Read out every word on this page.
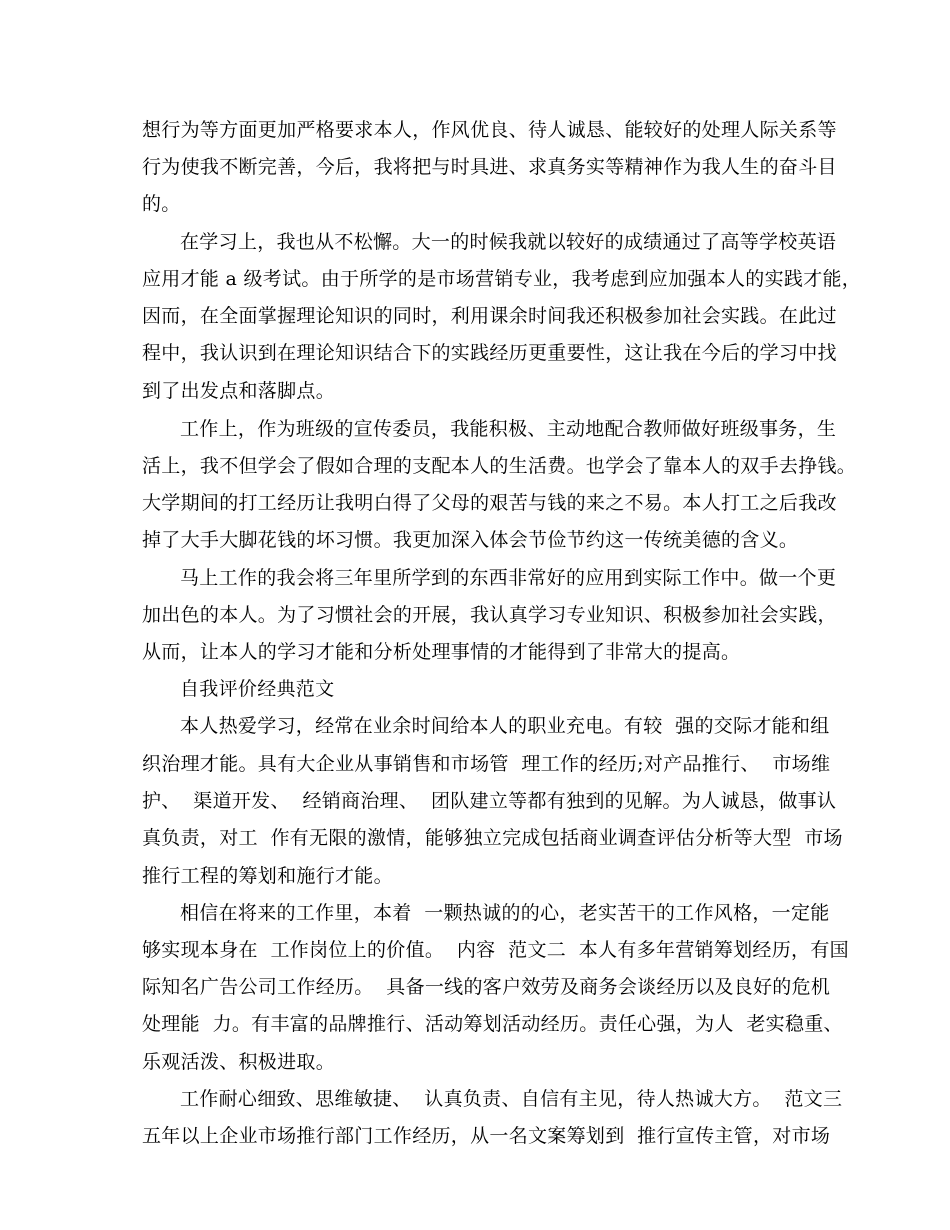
想行为等方面更加严格要求本人，作风优良、待人诚恳、能较好的处理人际关系等
行为使我不断完善，今后，我将把与时具进、求真务实等精神作为我人生的奋斗目
的。
在学习上，我也从不松懈。大一的时候我就以较好的成绩通过了高等学校英语
应用才能 a 级考试。由于所学的是市场营销专业，我考虑到应加强本人的实践才能，
因而，在全面掌握理论知识的同时，利用课余时间我还积极参加社会实践。在此过
程中，我认识到在理论知识结合下的实践经历更重要性，这让我在今后的学习中找
到了出发点和落脚点。
工作上，作为班级的宣传委员，我能积极、主动地配合教师做好班级事务，生
活上，我不但学会了假如合理的支配本人的生活费。也学会了靠本人的双手去挣钱。
大学期间的打工经历让我明白得了父母的艰苦与钱的来之不易。本人打工之后我改
掉了大手大脚花钱的坏习惯。我更加深入体会节俭节约这一传统美德的含义。
马上工作的我会将三年里所学到的东西非常好的应用到实际工作中。做一个更
加出色的本人。为了习惯社会的开展，我认真学习专业知识、积极参加社会实践，
从而，让本人的学习才能和分析处理事情的才能得到了非常大的提高。
自我评价经典范文
本人热爱学习，经常在业余时间给本人的职业充电。有较  强的交际才能和组
织治理才能。具有大企业从事销售和市场管  理工作的经历;对产品推行、  市场维
护、  渠道开发、  经销商治理、  团队建立等都有独到的见解。为人诚恳，做事认
真负责，对工  作有无限的激情，能够独立完成包括商业调查评估分析等大型  市场
推行工程的筹划和施行才能。
相信在将来的工作里，本着  一颗热诚的的心，老实苦干的工作风格，一定能
够实现本身在  工作岗位上的价值。  内容  范文二  本人有多年营销筹划经历，有国
际知名广告公司工作经历。  具备一线的客户效劳及商务会谈经历以及良好的危机
处理能  力。有丰富的品牌推行、活动筹划活动经历。责任心强，为人  老实稳重、
乐观活泼、积极进取。
工作耐心细致、思维敏捷、  认真负责、自信有主见，待人热诚大方。  范文三
五年以上企业市场推行部门工作经历，从一名文案筹划到  推行宣传主管，对市场
